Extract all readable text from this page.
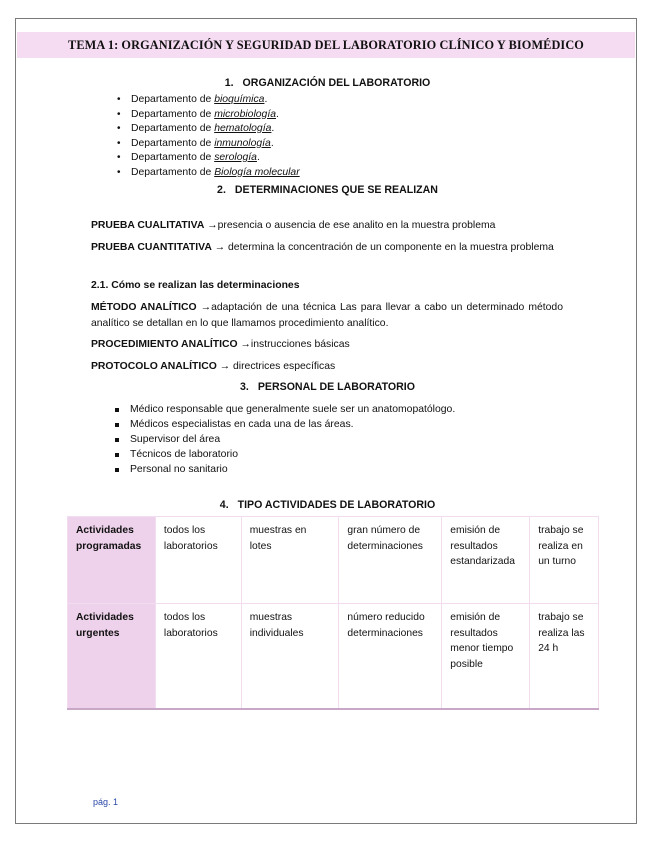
TEMA 1: ORGANIZACIÓN Y SEGURIDAD DEL LABORATORIO CLÍNICO Y BIOMÉDICO
1. ORGANIZACIÓN DEL LABORATORIO
• Departamento de bioquímica.
• Departamento de microbiología.
• Departamento de hematología.
• Departamento de inmunología.
• Departamento de serología.
• Departamento de Biología molecular
2. DETERMINACIONES QUE SE REALIZAN
PRUEBA CUALITATIVA →presencia o ausencia de ese analito en la muestra problema
PRUEBA CUANTITATIVA → determina la concentración de un componente en la muestra problema
2.1. Cómo se realizan las determinaciones
MÉTODO ANALÍTICO →adaptación de una técnica Las para llevar a cabo un determinado método analítico se detallan en lo que llamamos procedimiento analítico.
PROCEDIMIENTO ANALÍTICO →instrucciones básicas
PROTOCOLO ANALÍTICO → directrices específicas
3. PERSONAL DE LABORATORIO
Médico responsable que generalmente suele ser un anatomopatólogo.
Médicos especialistas en cada una de las áreas.
Supervisor del área
Técnicos de laboratorio
Personal no sanitario
4. TIPO ACTIVIDADES DE LABORATORIO
Actividades programadas	todos los laboratorios	muestras en lotes	gran número de determinaciones	emisión de resultados estandarizada	trabajo se realiza en un turno
Actividades urgentes	todos los laboratorios	muestras individuales	número reducido determinaciones	emisión de resultados menor tiempo posible	trabajo se realiza las 24 h
pág. 1
